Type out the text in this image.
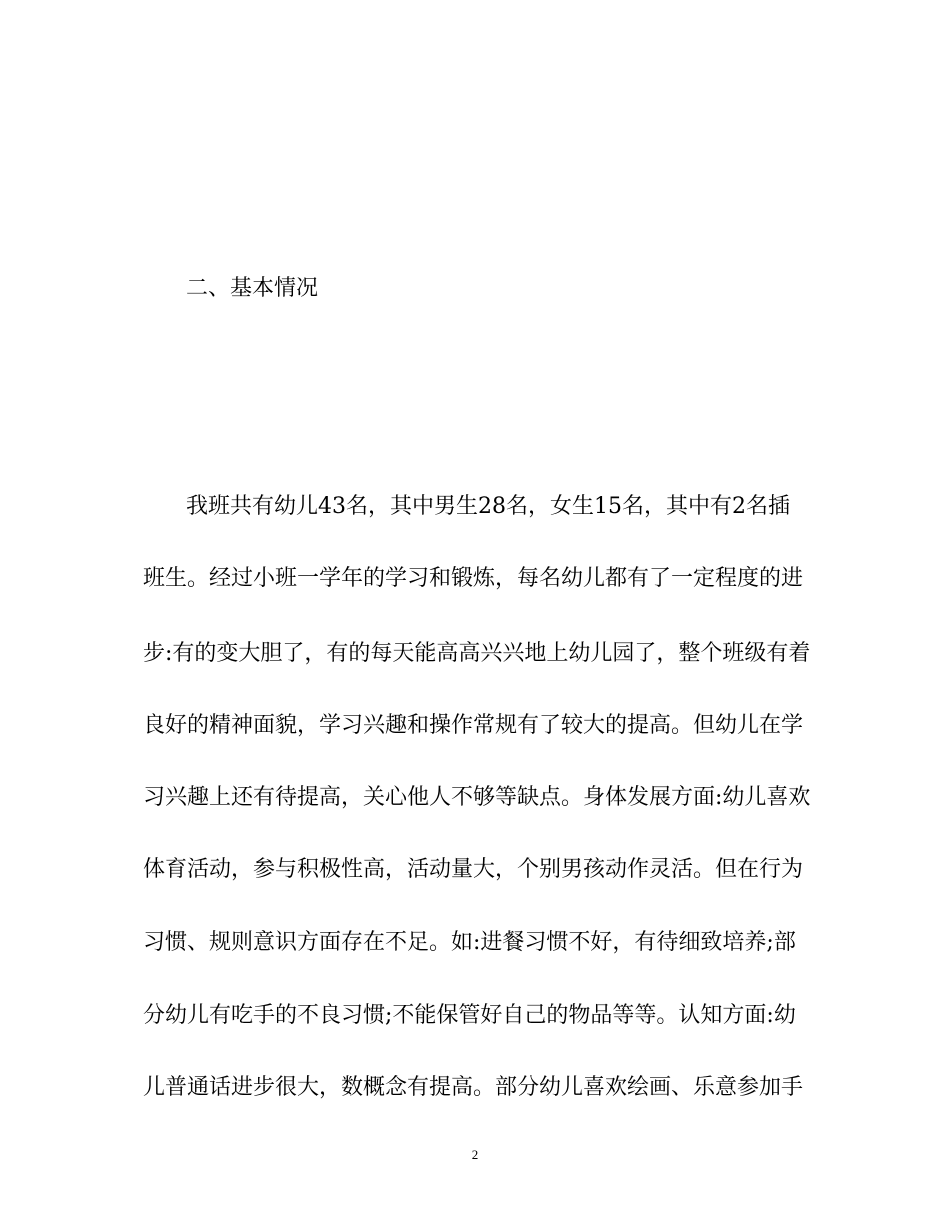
二、基本情况

我班共有幼儿43名，其中男生28名，女生15名，其中有2名插

班生。经过小班一学年的学习和锻炼，每名幼儿都有了一定程度的进

步:有的变大胆了，有的每天能高高兴兴地上幼儿园了，整个班级有着

良好的精神面貌，学习兴趣和操作常规有了较大的提高。但幼儿在学

习兴趣上还有待提高，关心他人不够等缺点。身体发展方面:幼儿喜欢

体育活动，参与积极性高，活动量大，个别男孩动作灵活。但在行为

习惯、规则意识方面存在不足。如:进餐习惯不好，有待细致培养;部

分幼儿有吃手的不良习惯;不能保管好自己的物品等等。认知方面:幼

儿普通话进步很大，数概念有提高。部分幼儿喜欢绘画、乐意参加手

2
